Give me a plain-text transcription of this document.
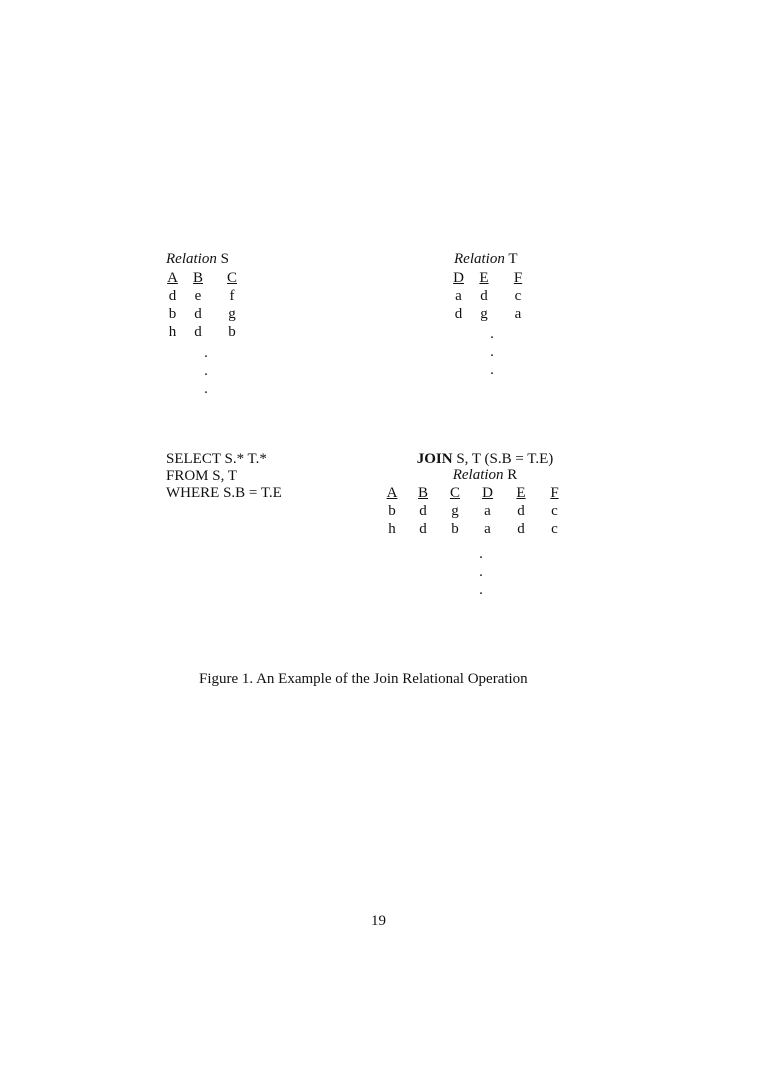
Relation S
A	B	C
d	e	f
b	d	g
h	d	b
.
.
.
Relation T
D	E	F
a	d	c
d	g	a
.
.
.
SELECT S.* T.*
FROM S, T
WHERE S.B = T.E
JOIN S, T (S.B = T.E)
Relation R
A	B	C	D	E	F
b	d	g	a	d	c
h	d	b	a	d	c
.
.
.
Figure 1. An Example of the Join Relational Operation
19
